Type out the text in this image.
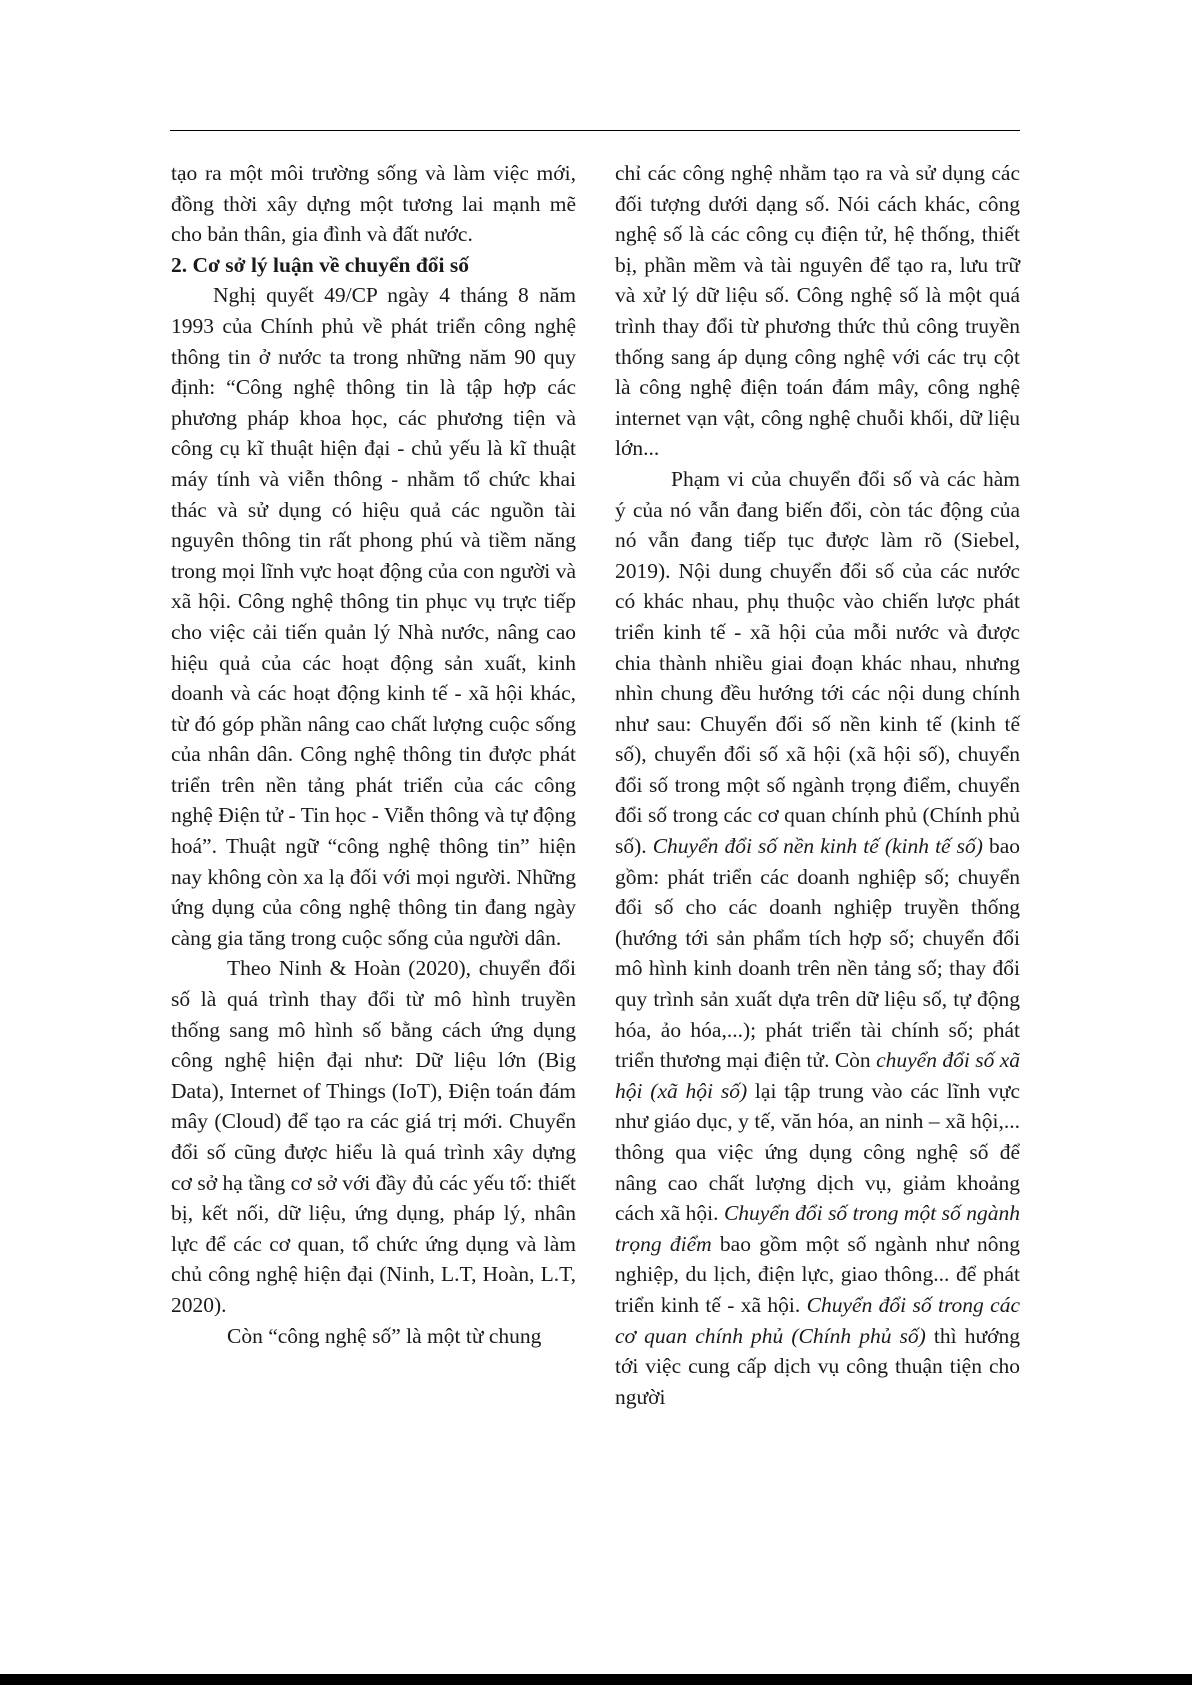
tạo ra một môi trường sống và làm việc mới, đồng thời xây dựng một tương lai mạnh mẽ cho bản thân, gia đình và đất nước.

2. Cơ sở lý luận về chuyển đổi số

Nghị quyết 49/CP ngày 4 tháng 8 năm 1993 của Chính phủ về phát triển công nghệ thông tin ở nước ta trong những năm 90 quy định: “Công nghệ thông tin là tập hợp các phương pháp khoa học, các phương tiện và công cụ kĩ thuật hiện đại - chủ yếu là kĩ thuật máy tính và viễn thông - nhằm tổ chức khai thác và sử dụng có hiệu quả các nguồn tài nguyên thông tin rất phong phú và tiềm năng trong mọi lĩnh vực hoạt động của con người và xã hội. Công nghệ thông tin phục vụ trực tiếp cho việc cải tiến quản lý Nhà nước, nâng cao hiệu quả của các hoạt động sản xuất, kinh doanh và các hoạt động kinh tế - xã hội khác, từ đó góp phần nâng cao chất lượng cuộc sống của nhân dân. Công nghệ thông tin được phát triển trên nền tảng phát triển của các công nghệ Điện tử - Tin học - Viễn thông và tự động hoá”. Thuật ngữ “công nghệ thông tin” hiện nay không còn xa lạ đối với mọi người. Những ứng dụng của công nghệ thông tin đang ngày càng gia tăng trong cuộc sống của người dân.

Theo Ninh & Hoàn (2020), chuyển đổi số là quá trình thay đổi từ mô hình truyền thống sang mô hình số bằng cách ứng dụng công nghệ hiện đại như: Dữ liệu lớn (Big Data), Internet of Things (IoT), Điện toán đám mây (Cloud) để tạo ra các giá trị mới. Chuyển đổi số cũng được hiểu là quá trình xây dựng cơ sở hạ tầng cơ sở với đầy đủ các yếu tố: thiết bị, kết nối, dữ liệu, ứng dụng, pháp lý, nhân lực để các cơ quan, tổ chức ứng dụng và làm chủ công nghệ hiện đại (Ninh, L.T, Hoàn, L.T, 2020).

Còn “công nghệ số” là một từ chung

chỉ các công nghệ nhằm tạo ra và sử dụng các đối tượng dưới dạng số. Nói cách khác, công nghệ số là các công cụ điện tử, hệ thống, thiết bị, phần mềm và tài nguyên để tạo ra, lưu trữ và xử lý dữ liệu số. Công nghệ số là một quá trình thay đổi từ phương thức thủ công truyền thống sang áp dụng công nghệ với các trụ cột là công nghệ điện toán đám mây, công nghệ internet vạn vật, công nghệ chuỗi khối, dữ liệu lớn...

Phạm vi của chuyển đổi số và các hàm ý của nó vẫn đang biến đổi, còn tác động của nó vẫn đang tiếp tục được làm rõ (Siebel, 2019). Nội dung chuyển đổi số của các nước có khác nhau, phụ thuộc vào chiến lược phát triển kinh tế - xã hội của mỗi nước và được chia thành nhiều giai đoạn khác nhau, nhưng nhìn chung đều hướng tới các nội dung chính như sau: Chuyển đổi số nền kinh tế (kinh tế số), chuyển đổi số xã hội (xã hội số), chuyển đổi số trong một số ngành trọng điểm, chuyển đổi số trong các cơ quan chính phủ (Chính phủ số). Chuyển đổi số nền kinh tế (kinh tế số) bao gồm: phát triển các doanh nghiệp số; chuyển đổi số cho các doanh nghiệp truyền thống (hướng tới sản phẩm tích hợp số; chuyển đổi mô hình kinh doanh trên nền tảng số; thay đổi quy trình sản xuất dựa trên dữ liệu số, tự động hóa, ảo hóa,...); phát triển tài chính số; phát triển thương mại điện tử. Còn chuyển đổi số xã hội (xã hội số) lại tập trung vào các lĩnh vực như giáo dục, y tế, văn hóa, an ninh – xã hội,... thông qua việc ứng dụng công nghệ số để nâng cao chất lượng dịch vụ, giảm khoảng cách xã hội. Chuyển đổi số trong một số ngành trọng điểm bao gồm một số ngành như nông nghiệp, du lịch, điện lực, giao thông... để phát triển kinh tế - xã hội. Chuyển đổi số trong các cơ quan chính phủ (Chính phủ số) thì hướng tới việc cung cấp dịch vụ công thuận tiện cho người
